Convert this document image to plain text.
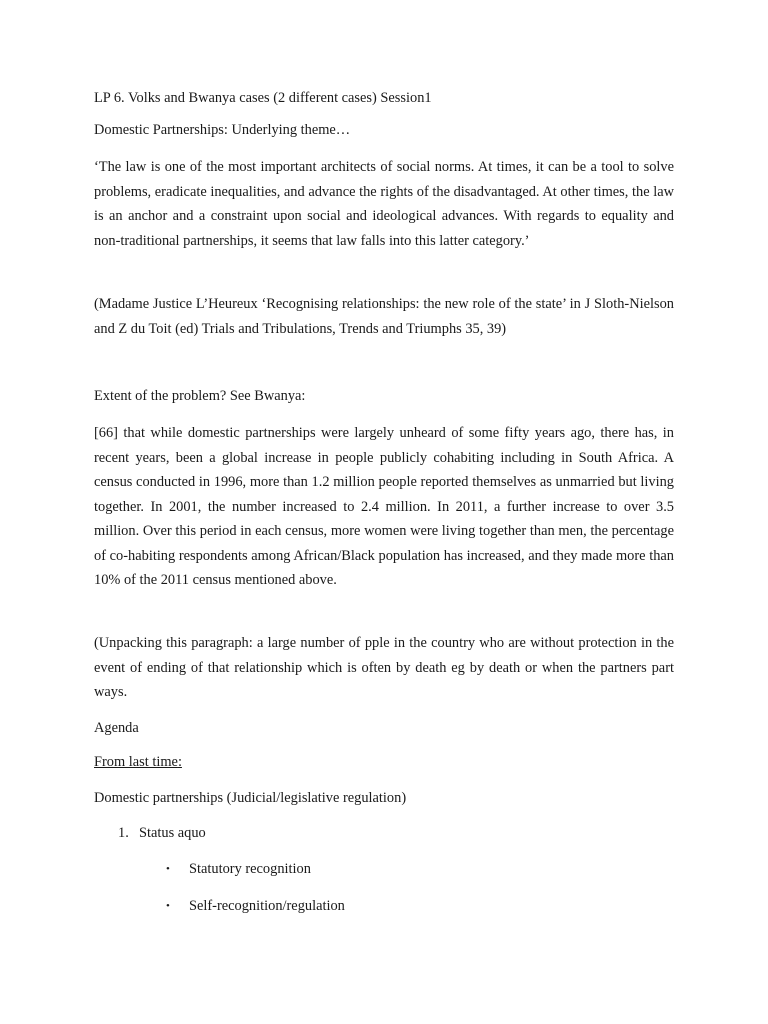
LP 6. Volks and Bwanya cases (2 different cases) Session1

Domestic Partnerships: Underlying theme…

‘The law is one of the most important architects of social norms. At times, it can be a tool to solve problems, eradicate inequalities, and advance the rights of the disadvantaged. At other times, the law is an anchor and a constraint upon social and ideological advances. With regards to equality and non-traditional partnerships, it seems that law falls into this latter category.’

(Madame Justice L’Heureux ‘Recognising relationships: the new role of the state’ in J Sloth-Nielson and Z du Toit (ed) Trials and Tribulations, Trends and Triumphs 35, 39)

Extent of the problem? See Bwanya:

[66] that while domestic partnerships were largely unheard of some fifty years ago, there has, in recent years, been a global increase in people publicly cohabiting including in South Africa. A census conducted in 1996, more than 1.2 million people reported themselves as unmarried but living together. In 2001, the number increased to 2.4 million. In 2011, a further increase to over 3.5 million. Over this period in each census, more women were living together than men, the percentage of co-habiting respondents among African/Black population has increased, and they made more than 10% of the 2011 census mentioned above.

(Unpacking this paragraph: a large number of pple in the country who are without protection in the event of ending of that relationship which is often by death eg by death or when the partners part ways.

Agenda

From last time:

Domestic partnerships (Judicial/legislative regulation)

1. Status aquo
• Statutory recognition
• Self-recognition/regulation
